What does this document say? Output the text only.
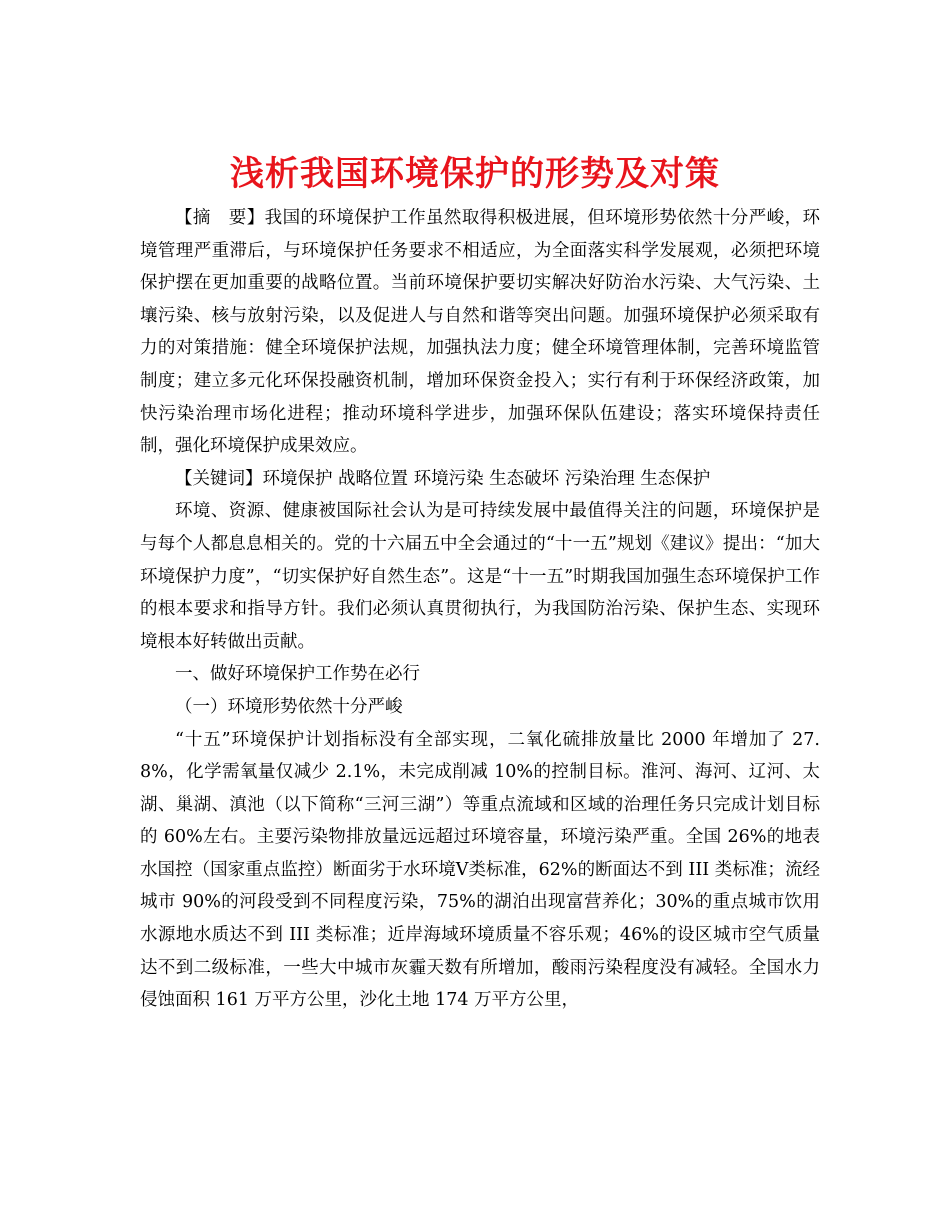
浅析我国环境保护的形势及对策

【摘　要】我国的环境保护工作虽然取得积极进展，但环境形势依然十分严峻，环境管理严重滞后，与环境保护任务要求不相适应，为全面落实科学发展观，必须把环境保护摆在更加重要的战略位置。当前环境保护要切实解决好防治水污染、大气污染、土壤污染、核与放射污染，以及促进人与自然和谐等突出问题。加强环境保护必须采取有力的对策措施：健全环境保护法规，加强执法力度；健全环境管理体制，完善环境监管制度；建立多元化环保投融资机制，增加环保资金投入；实行有利于环保经济政策，加快污染治理市场化进程；推动环境科学进步，加强环保队伍建设；落实环境保持责任制，强化环境保护成果效应。

【关键词】环境保护 战略位置 环境污染 生态破坏 污染治理 生态保护

环境、资源、健康被国际社会认为是可持续发展中最值得关注的问题，环境保护是与每个人都息息相关的。党的十六届五中全会通过的“十一五”规划《建议》提出：“加大环境保护力度”，“切实保护好自然生态”。这是“十一五”时期我国加强生态环境保护工作的根本要求和指导方针。我们必须认真贯彻执行，为我国防治污染、保护生态、实现环境根本好转做出贡献。

一、做好环境保护工作势在必行

（一）环境形势依然十分严峻

“十五”环境保护计划指标没有全部实现，二氧化硫排放量比 2000 年增加了 27.8%，化学需氧量仅减少 2.1%，未完成削减 10%的控制目标。淮河、海河、辽河、太湖、巢湖、滇池（以下简称“三河三湖”）等重点流域和区域的治理任务只完成计划目标的 60%左右。主要污染物排放量远远超过环境容量，环境污染严重。全国 26%的地表水国控（国家重点监控）断面劣于水环境Ⅴ类标准，62%的断面达不到 III 类标准；流经城市 90%的河段受到不同程度污染，75%的湖泊出现富营养化；30%的重点城市饮用水源地水质达不到 III 类标准；近岸海域环境质量不容乐观；46%的设区城市空气质量达不到二级标准，一些大中城市灰霾天数有所增加，酸雨污染程度没有减轻。全国水力侵蚀面积 161 万平方公里，沙化土地 174 万平方公里，
